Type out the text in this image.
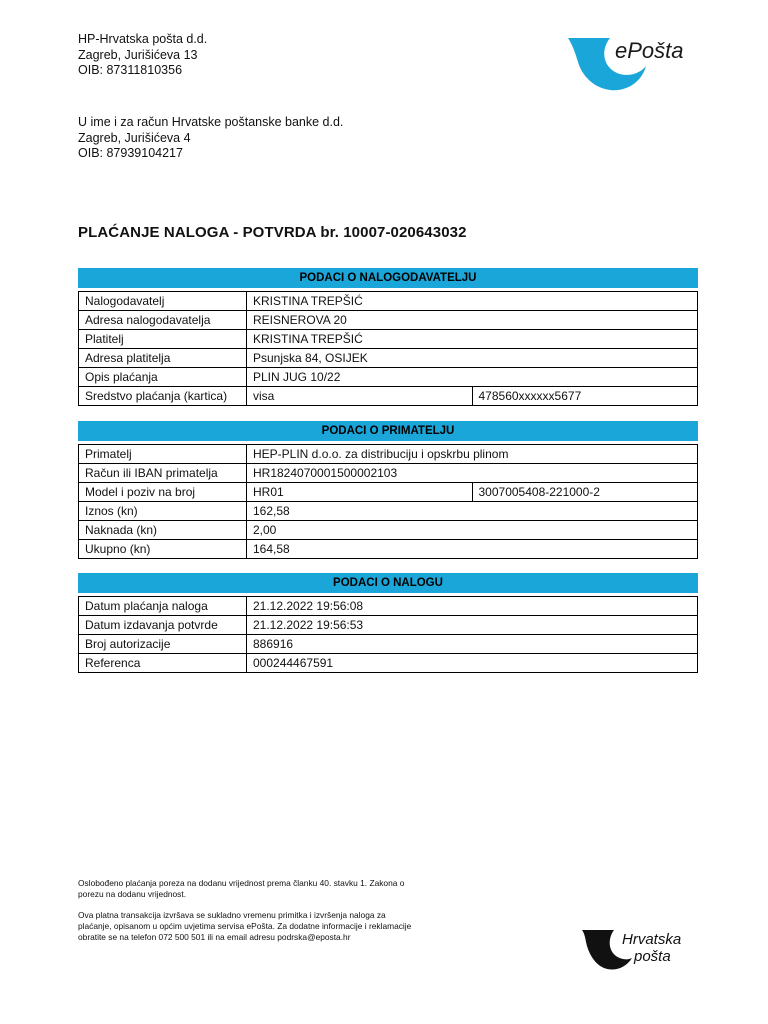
HP-Hrvatska pošta d.d.
Zagreb, Jurišićeva 13
OIB: 87311810356
ePošta
U ime i za račun Hrvatske poštanske banke d.d.
Zagreb, Jurišićeva 4
OIB: 87939104217
PLAĆANJE NALOGA - POTVRDA br. 10007-020643032
PODACI O NALOGODAVATELJU
Nalogodavatelj	KRISTINA TREPŠIĆ	
Adresa nalogodavatelja	REISNEROVA 20	
Platitelj	KRISTINA TREPŠIĆ	
Adresa platitelja	Psunjska 84, OSIJEK	
Opis plaćanja	PLIN JUG 10/22	
Sredstvo plaćanja (kartica)	visa	478560xxxxxx5677
PODACI O PRIMATELJU
Primatelj	HEP-PLIN d.o.o. za distribuciju i opskrbu plinom	
Račun ili IBAN primatelja	HR1824070001500002103	
Model i poziv na broj	HR01	3007005408-221000-2
Iznos (kn)	162,58	
Naknada (kn)	2,00	
Ukupno (kn)	164,58	
PODACI O NALOGU
Datum plaćanja naloga	21.12.2022 19:56:08
Datum izdavanja potvrde	21.12.2022 19:56:53
Broj autorizacije	886916
Referenca	000244467591

Oslobođeno plaćanja poreza na dodanu vrijednost prema članku 40. stavku 1. Zakona o porezu na dodanu vrijednost.

Ova platna transakcija izvršava se sukladno vremenu primitka i izvršenja naloga za plaćanje, opisanom u općim uvjetima servisa ePošta. Za dodatne informacije i reklamacije obratite se na telefon 072 500 501 ili na email adresu podrska@eposta.hr	Hrvatska
pošta
